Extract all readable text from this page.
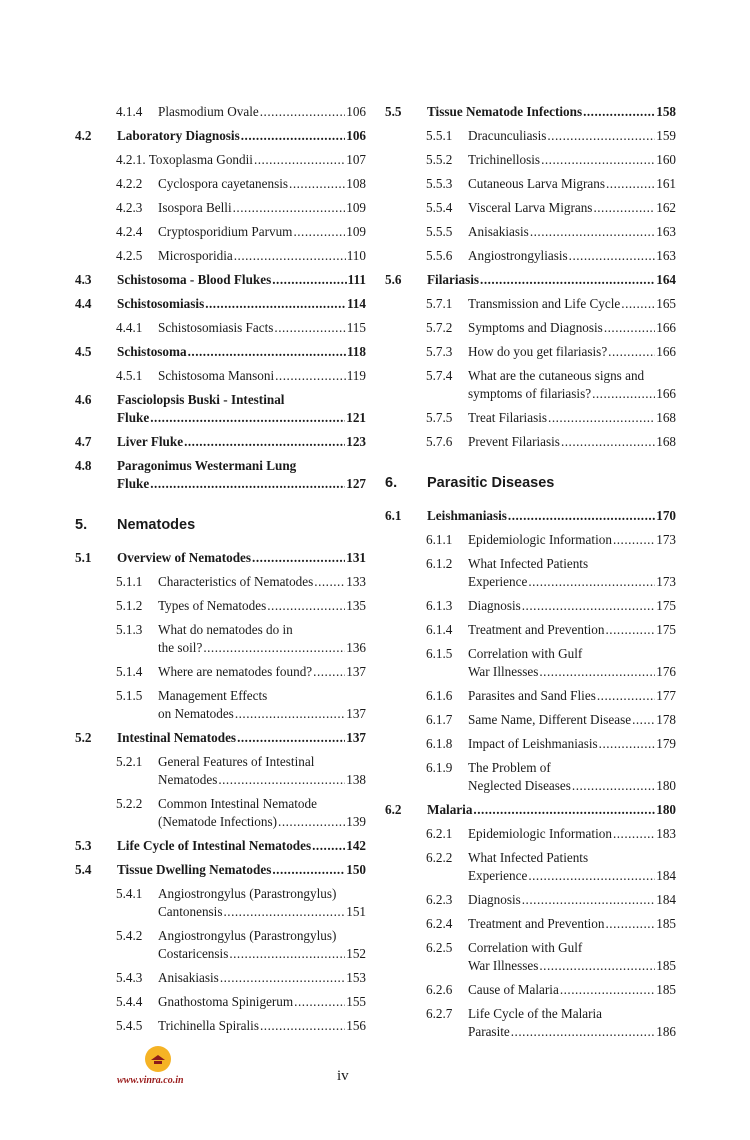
4.1.4 Plasmodium Ovale .....	106
4.2 Laboratory Diagnosis .....	106
4.2.1. Toxoplasma Gondii .....	107
4.2.2 Cyclospora cayetanensis .....	108
4.2.3 Isospora Belli .....	109
4.2.4 Cryptosporidium Parvum .....	109
4.2.5 Microsporidia .....	110
4.3 Schistosoma - Blood Flukes .....	111
4.4 Schistosomiasis .....	114
4.4.1 Schistosomiasis Facts .....	115
4.5 Schistosoma .....	118
4.5.1 Schistosoma Mansoni .....	119
4.6 Fasciolopsis Buski - Intestinal
Fluke .....	121
4.7 Liver Fluke .....	123
4.8 Paragonimus Westermani Lung
Fluke .....	127
5. Nematodes
5.1 Overview of Nematodes .....	131
5.1.1 Characteristics of Nematodes ..... 133
5.1.2 Types of Nematodes .....	135
5.1.3 What do nematodes do in
the soil? .....	136
5.1.4 Where are nematodes found? .....	137
5.1.5 Management Effects
on Nematodes .....	137
5.2 Intestinal Nematodes .....	137
5.2.1 General Features of Intestinal
Nematodes .....	138
5.2.2 Common Intestinal Nematode
(Nematode Infections) .....	139
5.3 Life Cycle of Intestinal Nematodes .....	142
5.4 Tissue Dwelling Nematodes .....	150
5.4.1 Angiostrongylus (Parastrongylus)
Cantonensis .....	151
5.4.2 Angiostrongylus (Parastrongylus)
Costaricensis .....	152
5.4.3 Anisakiasis .....	153
5.4.4 Gnathostoma Spinigerum .....	155
5.4.5 Trichinella Spiralis .....	156
5.5 Tissue Nematode Infections .....	158
5.5.1 Dracunculiasis .....	159
5.5.2 Trichinellosis .....	160
5.5.3 Cutaneous Larva Migrans .....	161
5.5.4 Visceral Larva Migrans .....	162
5.5.5 Anisakiasis .....	163
5.5.6 Angiostrongyliasis .....	163
5.6 Filariasis .....	164
5.7.1 Transmission and Life Cycle .....	165
5.7.2 Symptoms and Diagnosis .....	166
5.7.3 How do you get filariasis? .....	166
5.7.4 What are the cutaneous signs and
symptoms of filariasis? .....	166
5.7.5 Treat Filariasis .....	168
5.7.6 Prevent Filariasis .....	168
6. Parasitic Diseases
6.1 Leishmaniasis .....	170
6.1.1 Epidemiologic Information .....	173
6.1.2 What Infected Patients
Experience .....	173
6.1.3 Diagnosis .....	175
6.1.4 Treatment and Prevention .....	175
6.1.5 Correlation with Gulf
War Illnesses .....	176
6.1.6 Parasites and Sand Flies .....	177
6.1.7 Same Name, Different Disease ..... 178
6.1.8 Impact of Leishmaniasis .....	179
6.1.9 The Problem of
Neglected Diseases .....	180
6.2 Malaria .....	180
6.2.1 Epidemiologic Information .....	183
6.2.2 What Infected Patients
Experience .....	184
6.2.3 Diagnosis .....	184
6.2.4 Treatment and Prevention .....	185
6.2.5 Correlation with Gulf
War Illnesses .....	185
6.2.6 Cause of Malaria .....	185
6.2.7 Life Cycle of the Malaria
Parasite .....	186
www.vinra.co.in	iv
